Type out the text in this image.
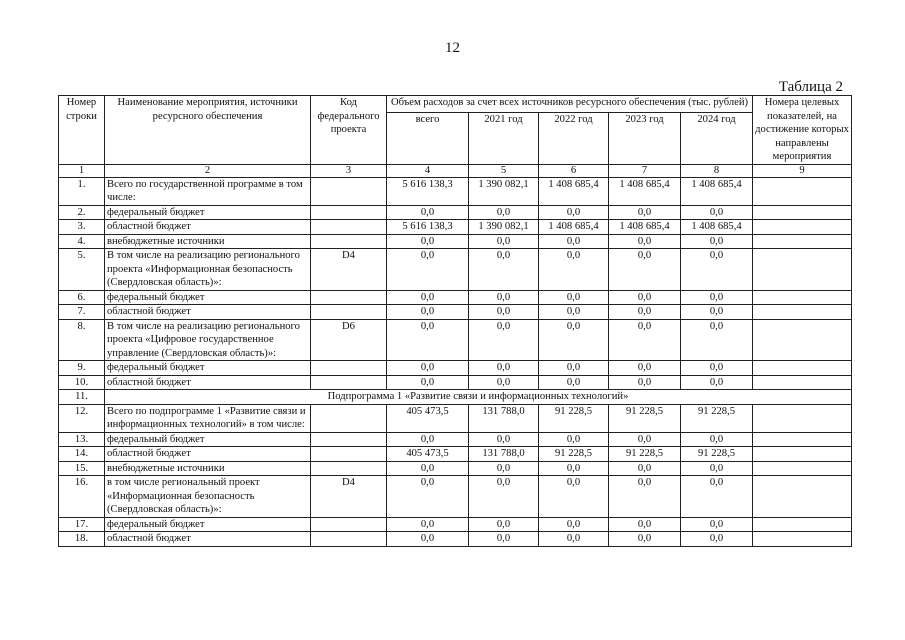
12
Таблица 2
Номер строки	Наименование мероприятия, источники ресурсного обеспечения	Код федерального проекта	Объем расходов за счет всех источников ресурсного обеспечения (тыс. рублей)					Номера целевых показателей, на достижение которых направлены мероприятия
			всего	2021 год	2022 год	2023 год	2024 год	
1	2	3	4	5	6	7	8	9
1.	Всего по государственной программе в том числе:		5 616 138,3	1 390 082,1	1 408 685,4	1 408 685,4	1 408 685,4	
2.	федеральный бюджет		0,0	0,0	0,0	0,0	0,0	
3.	областной бюджет		5 616 138,3	1 390 082,1	1 408 685,4	1 408 685,4	1 408 685,4	
4.	внебюджетные источники		0,0	0,0	0,0	0,0	0,0	
5.	В том числе на реализацию регионального проекта «Информационная безопасность (Свердловская область)»:	D4	0,0	0,0	0,0	0,0	0,0	
6.	федеральный бюджет		0,0	0,0	0,0	0,0	0,0	
7.	областной бюджет		0,0	0,0	0,0	0,0	0,0	
8.	В том числе на реализацию регионального проекта «Цифровое государственное управление (Свердловская область)»:	D6	0,0	0,0	0,0	0,0	0,0	
9.	федеральный бюджет		0,0	0,0	0,0	0,0	0,0	
10.	областной бюджет		0,0	0,0	0,0	0,0	0,0	
11.	Подпрограмма 1 «Развитие связи и информационных технологий»							
12.	Всего по подпрограмме 1 «Развитие связи и информационных технологий» в том числе:		405 473,5	131 788,0	91 228,5	91 228,5	91 228,5	
13.	федеральный бюджет		0,0	0,0	0,0	0,0	0,0	
14.	областной бюджет		405 473,5	131 788,0	91 228,5	91 228,5	91 228,5	
15.	внебюджетные источники		0,0	0,0	0,0	0,0	0,0	
16.	в том числе региональный проект «Информационная безопасность (Свердловская область)»:	D4	0,0	0,0	0,0	0,0	0,0	
17.	федеральный бюджет		0,0	0,0	0,0	0,0	0,0	
18.	областной бюджет		0,0	0,0	0,0	0,0	0,0	
